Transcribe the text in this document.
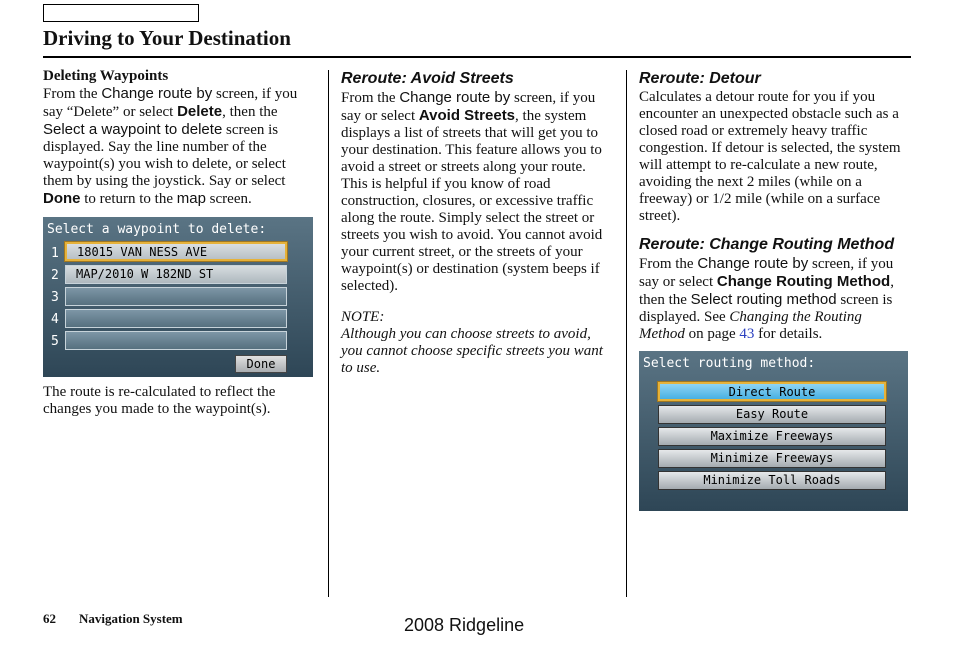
Driving to Your Destination

Deleting Waypoints

From the Change route by screen, if you say “Delete” or select Delete, then the Select a waypoint to delete screen is displayed. Say the line number of the waypoint(s) you wish to delete, or select them by using the joystick. Say or select Done to return to the map screen.

Select a waypoint to delete:
1	18015 VAN NESS AVE
2	MAP/2010 W 182ND ST
3
4
5
Done

The route is re-calculated to reflect the changes you made to the waypoint(s).

Reroute: Avoid Streets

From the Change route by screen, if you say or select Avoid Streets, the system displays a list of streets that will get you to your destination. This feature allows you to avoid a street or streets along your route. This is helpful if you know of road construction, closures, or excessive traffic along the route. Simply select the street or streets you wish to avoid. You cannot avoid your current street, or the streets of your waypoint(s) or destination (system beeps if selected).

NOTE:

Although you can choose streets to avoid, you cannot choose specific streets you want to use.

Reroute: Detour

Calculates a detour route for you if you encounter an unexpected obstacle such as a closed road or extremely heavy traffic congestion. If detour is selected, the system will attempt to re-calculate a new route, avoiding the next 2 miles (while on a freeway) or 1/2 mile (while on a surface street).

Reroute: Change Routing Method

From the Change route by screen, if you say or select Change Routing Method, then the Select routing method screen is displayed. See Changing the Routing Method on page 43 for details.

Select routing method:
Direct Route
Easy Route
Maximize Freeways
Minimize Freeways
Minimize Toll Roads
62 Navigation System	2008 Ridgeline
